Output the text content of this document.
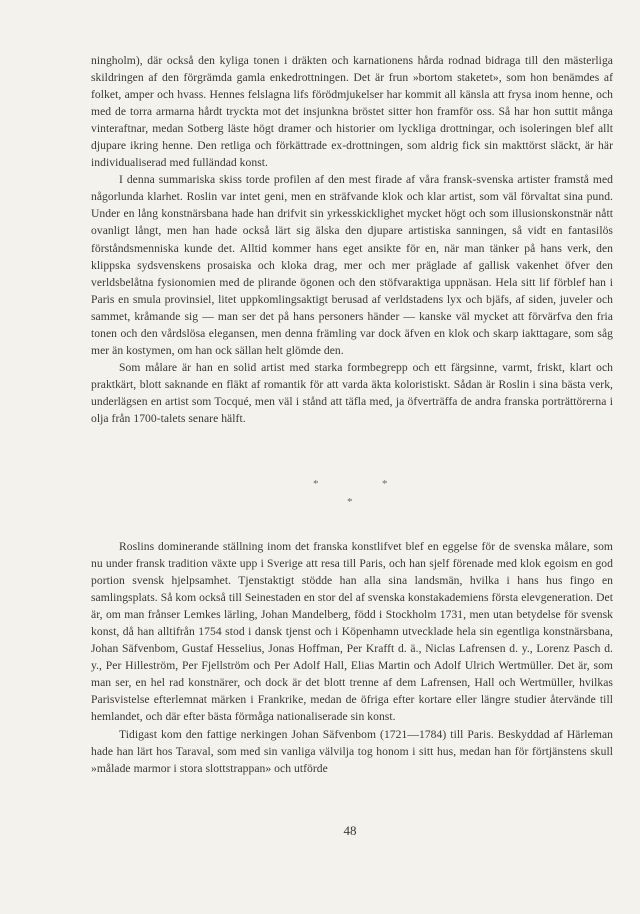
ningholm), där också den kyliga tonen i dräkten och karnationens hårda rodnad bidraga till den mästerliga skildringen af den förgrämda gamla enkedrottningen. Det är frun »bortom staketet», som hon benämdes af folket, amper och hvass. Hennes felslagna lifs förödmjukelser har kommit all känsla att frysa inom henne, och med de torra armarna hårdt tryckta mot det insjunkna bröstet sitter hon framför oss. Så har hon suttit många vinteraftnar, medan Sotberg läste högt dramer och historier om lyckliga drottningar, och isoleringen blef allt djupare ikring henne. Den retliga och förkättrade ex-drottningen, som aldrig fick sin makttörst släckt, är här individualiserad med fulländad konst.

I denna summariska skiss torde profilen af den mest firade af våra fransk-svenska artister framstå med någorlunda klarhet. Roslin var intet geni, men en sträfvande klok och klar artist, som väl förvaltat sina pund. Under en lång konstnärsbana hade han drifvit sin yrkesskicklighet mycket högt och som illusionskonstnär nått ovanligt långt, men han hade också lärt sig älska den djupare artistiska sanningen, så vidt en fantasilös förståndsmenniska kunde det. Alltid kommer hans eget ansikte för en, när man tänker på hans verk, den klippska sydsvenskens prosaiska och kloka drag, mer och mer präglade af gallisk vakenhet öfver den verldsbelåtna fysionomien med de plirande ögonen och den stöfvaraktiga uppnäsan. Hela sitt lif förblef han i Paris en smula provinsiel, litet uppkomlingsaktigt berusad af verldstadens lyx och bjäfs, af siden, juveler och sammet, kråmande sig — man ser det på hans personers händer — kanske väl mycket att förvärfva den fria tonen och den vårdslösa elegansen, men denna främling var dock äfven en klok och skarp iakttagare, som såg mer än kostymen, om han ock sällan helt glömde den.

Som målare är han en solid artist med starka formbegrepp och ett färgsinne, varmt, friskt, klart och praktkärt, blott saknande en fläkt af romantik för att varda äkta koloristiskt. Sådan är Roslin i sina bästa verk, underlägsen en artist som Tocqué, men väl i stånd att täfla med, ja öfverträffa de andra franska porträttörerna i olja från 1700-talets senare hälft.

*	*
*

Roslins dominerande ställning inom det franska konstlifvet blef en eggelse för de svenska målare, som nu under fransk tradition växte upp i Sverige att resa till Paris, och han sjelf förenade med klok egoism en god portion svensk hjelpsamhet. Tjenstaktigt stödde han alla sina landsmän, hvilka i hans hus fingo en samlingsplats. Så kom också till Seinestaden en stor del af svenska konstakademiens första elevgeneration. Det är, om man frånser Lemkes lärling, Johan Mandelberg, född i Stockholm 1731, men utan betydelse för svensk konst, då han alltifrån 1754 stod i dansk tjenst och i Köpenhamn utvecklade hela sin egentliga konstnärsbana, Johan Säfvenbom, Gustaf Hesselius, Jonas Hoffman, Per Krafft d. ä., Niclas Lafrensen d. y., Lorenz Pasch d. y., Per Hilleström, Per Fjellström och Per Adolf Hall, Elias Martin och Adolf Ulrich Wertmüller. Det är, som man ser, en hel rad konstnärer, och dock är det blott trenne af dem Lafrensen, Hall och Wertmüller, hvilkas Parisvistelse efterlemnat märken i Frankrike, medan de öfriga efter kortare eller längre studier återvände till hemlandet, och där efter bästa förmåga nationaliserade sin konst.

Tidigast kom den fattige nerkingen Johan Säfvenbom (1721—1784) till Paris. Beskyddad af Härleman hade han lärt hos Taraval, som med sin vanliga välvilja tog honom i sitt hus, medan han för förtjänstens skull »målade marmor i stora slottstrappan» och utförde

48
